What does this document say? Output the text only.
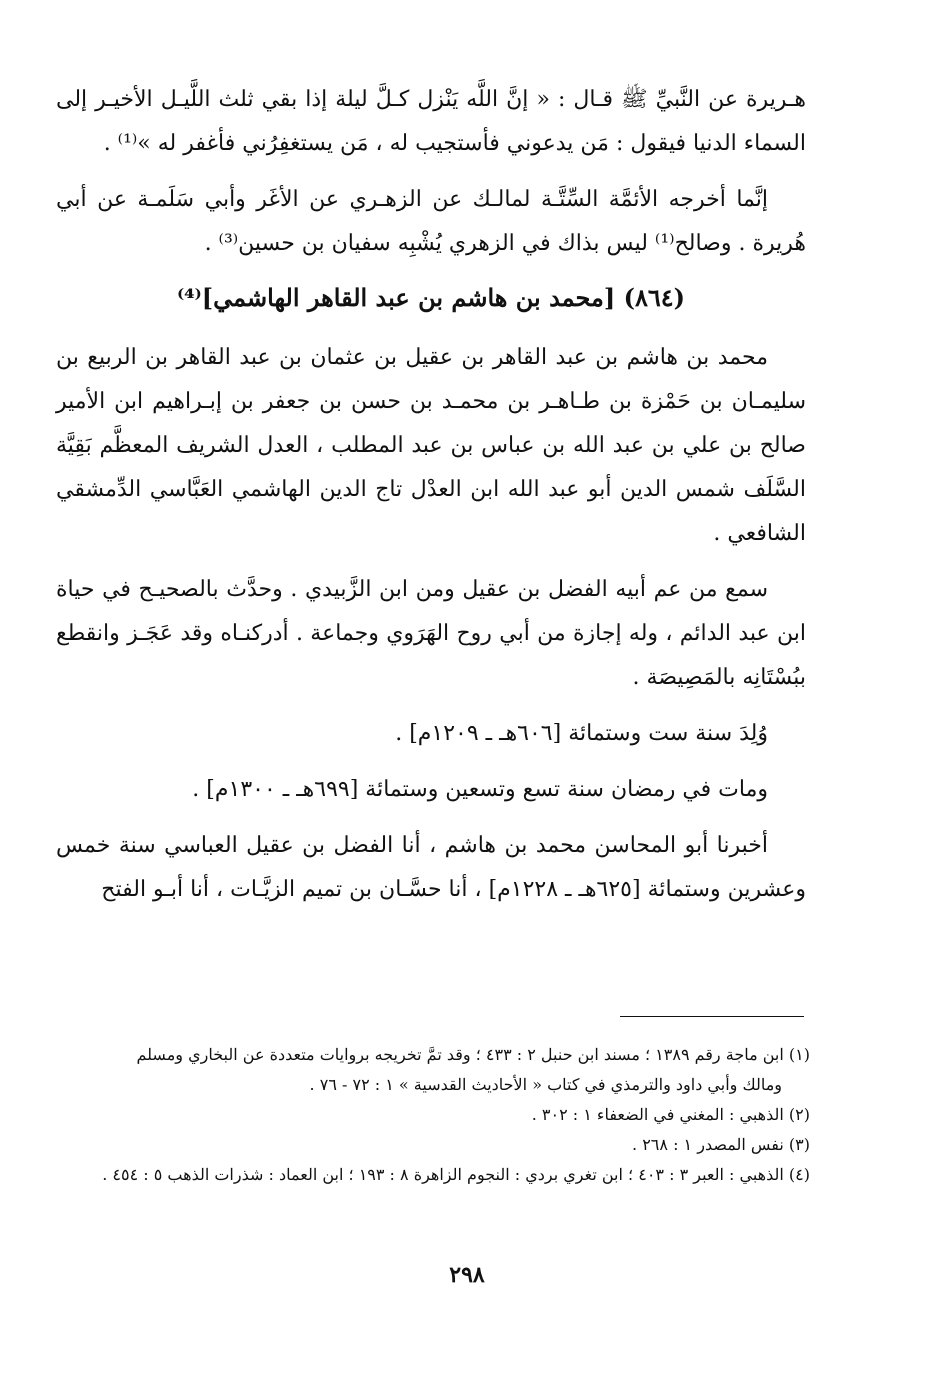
هـريرة عن النَّبيِّ ﷺ قـال : « إنَّ اللَّه يَنْزل كـلَّ ليلة إذا بقي ثلث اللَّيـل الأخيـر إلى السماء الدنيا فيقول : مَن يدعوني فأستجيب له ، مَن يستغفِرُني فأغفر له »⁽¹⁾ .

إنَّما أخرجه الأئمَّة السِّتَّـة لمالـك عن الزهـري عن الأغَر وأبي سَلَمـة عن أبي هُريرة . وصالح⁽¹⁾ ليس بذاك في الزهري يُشْبِه سفيان بن حسين⁽³⁾ .

(٨٦٤) [محمد بن هاشم بن عبد القاهر الهاشمي]⁽⁴⁾

محمد بن هاشم بن عبد القاهر بن عقيل بن عثمان بن عبد القاهر بن الربيع بن سليمـان بن حَمْزة بن طـاهـر بن محمـد بن حسن بن جعفر بن إبـراهيم ابن الأمير صالح بن علي بن عبد الله بن عباس بن عبد المطلب ، العدل الشريف المعظَّم بَقِيَّة السَّلَف شمس الدين أبو عبد الله ابن العدْل تاج الدين الهاشمي العَبَّاسي الدِّمشقي الشافعي .

سمع من عم أبيه الفضل بن عقيل ومن ابن الزَّبيدي . وحدَّث بالصحيـح في حياة ابن عبد الدائم ، وله إجازة من أبي روح الهَرَوي وجماعة . أدركنـاه وقد عَجَـز وانقطع ببُسْتَانِه بالمَصِيصَة .

وُلِدَ سنة ست وستمائة [٦٠٦هـ ـ ١٢٠٩م] .

ومات في رمضان سنة تسع وتسعين وستمائة [٦٩٩هـ ـ ١٣٠٠م] .

أخبرنا أبو المحاسن محمد بن هاشم ، أنا الفضل بن عقيل العباسي سنة خمس وعشرين وستمائة [٦٢٥هـ ـ ١٢٢٨م] ، أنا حسَّـان بن تميم الزيَّـات ، أنا أبـو الفتح

(١) ابن ماجة رقم ١٣٨٩ ؛ مسند ابن حنبل ٢ : ٤٣٣ ؛ وقد تمَّ تخريجه بروايات متعددة عن البخاري ومسلم

ومالك وأبي داود والترمذي في كتاب « الأحاديث القدسية » ١ : ٧٢ - ٧٦ .

(٢) الذهبي : المغني في الضعفاء ١ : ٣٠٢ .

(٣) نفس المصدر ١ : ٢٦٨ .

(٤) الذهبي : العبر ٣ : ٤٠٣ ؛ ابن تغري بردي : النجوم الزاهرة ٨ : ١٩٣ ؛ ابن العماد : شذرات الذهب ٥ : ٤٥٤ .

٢٩٨
